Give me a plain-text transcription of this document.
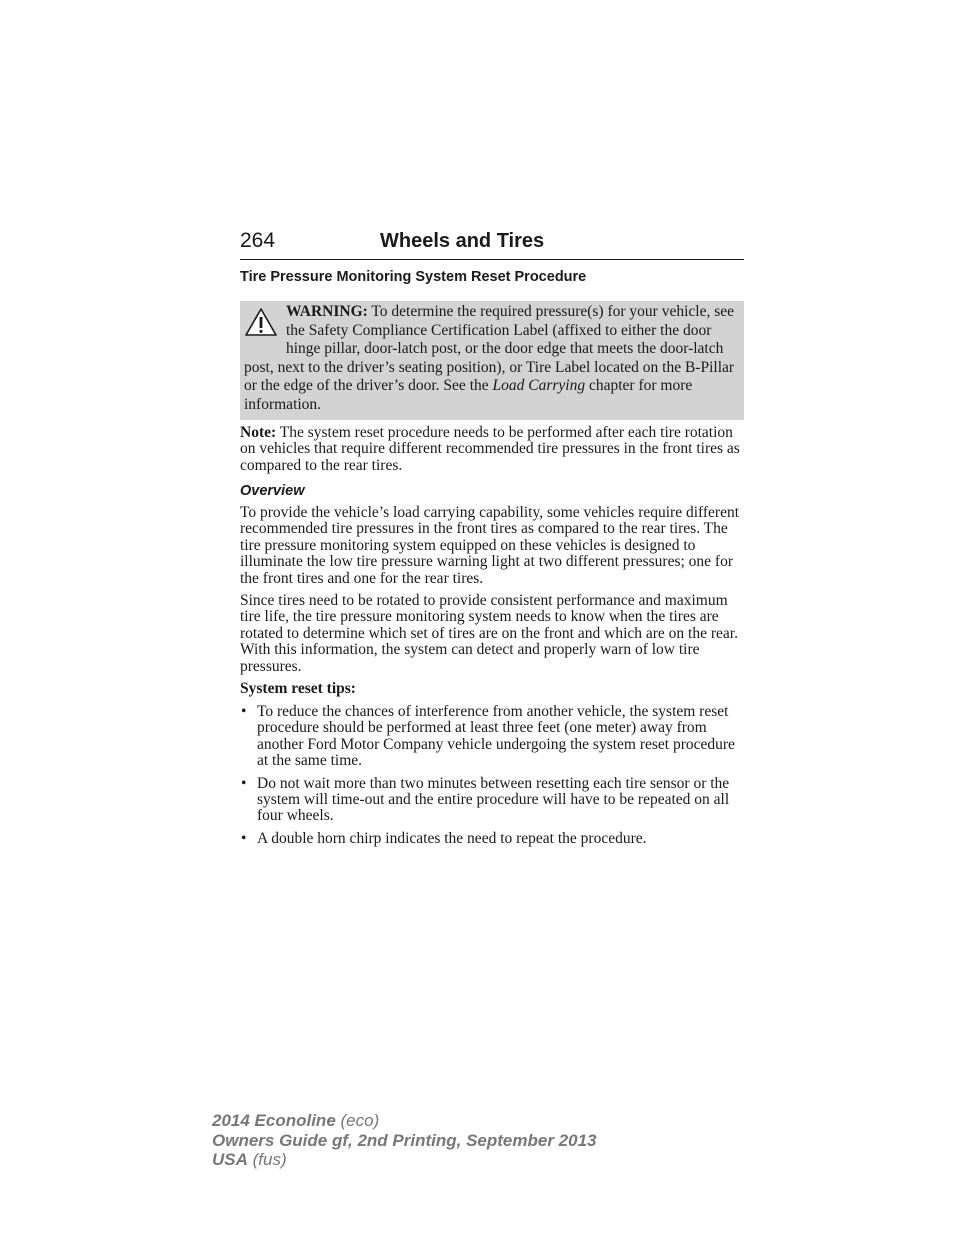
264	Wheels and Tires
Tire Pressure Monitoring System Reset Procedure
WARNING: To determine the required pressure(s) for your vehicle, see the Safety Compliance Certification Label (affixed to either the door hinge pillar, door-latch post, or the door edge that meets the door-latch post, next to the driver’s seating position), or Tire Label located on the B-Pillar or the edge of the driver’s door. See the Load Carrying chapter for more information.

Note: The system reset procedure needs to be performed after each tire rotation on vehicles that require different recommended tire pressures in the front tires as compared to the rear tires.

Overview

To provide the vehicle’s load carrying capability, some vehicles require different recommended tire pressures in the front tires as compared to the rear tires. The tire pressure monitoring system equipped on these vehicles is designed to illuminate the low tire pressure warning light at two different pressures; one for the front tires and one for the rear tires.

Since tires need to be rotated to provide consistent performance and maximum tire life, the tire pressure monitoring system needs to know when the tires are rotated to determine which set of tires are on the front and which are on the rear. With this information, the system can detect and properly warn of low tire pressures.

System reset tips:

• To reduce the chances of interference from another vehicle, the system reset procedure should be performed at least three feet (one meter) away from another Ford Motor Company vehicle undergoing the system reset procedure at the same time.
• Do not wait more than two minutes between resetting each tire sensor or the system will time-out and the entire procedure will have to be repeated on all four wheels.
• A double horn chirp indicates the need to repeat the procedure.
2014 Econoline (eco)
Owners Guide gf, 2nd Printing, September 2013
USA (fus)
